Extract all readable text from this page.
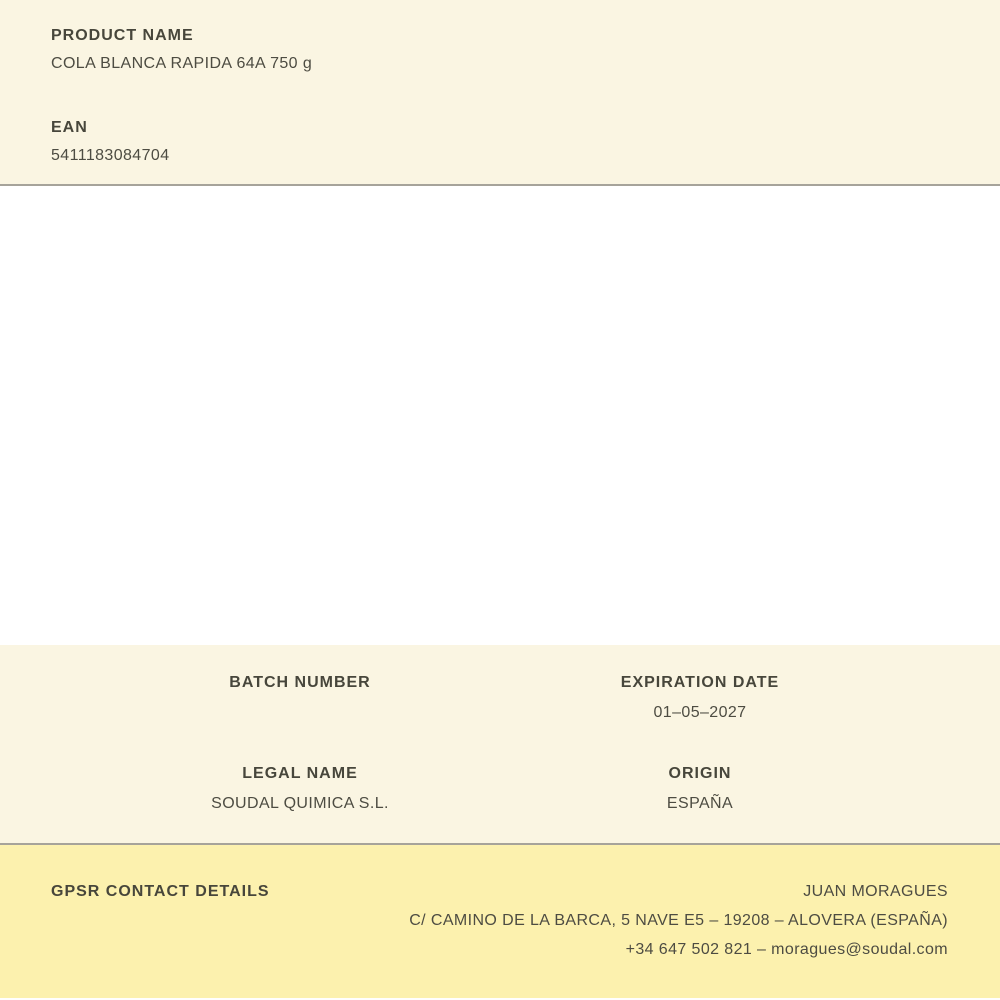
PRODUCT NAME
COLA BLANCA RAPIDA 64A 750 g
EAN
5411183084704
BATCH NUMBER	EXPIRATION DATE
01–05–2027
LEGAL NAME
SOUDAL QUIMICA S.L.
ORIGIN
ESPAÑA
GPSR CONTACT DETAILS	JUAN MORAGUES
C/ CAMINO DE LA BARCA, 5 NAVE E5 – 19208 – ALOVERA (ESPAÑA)
+34 647 502 821 – moragues@soudal.com
